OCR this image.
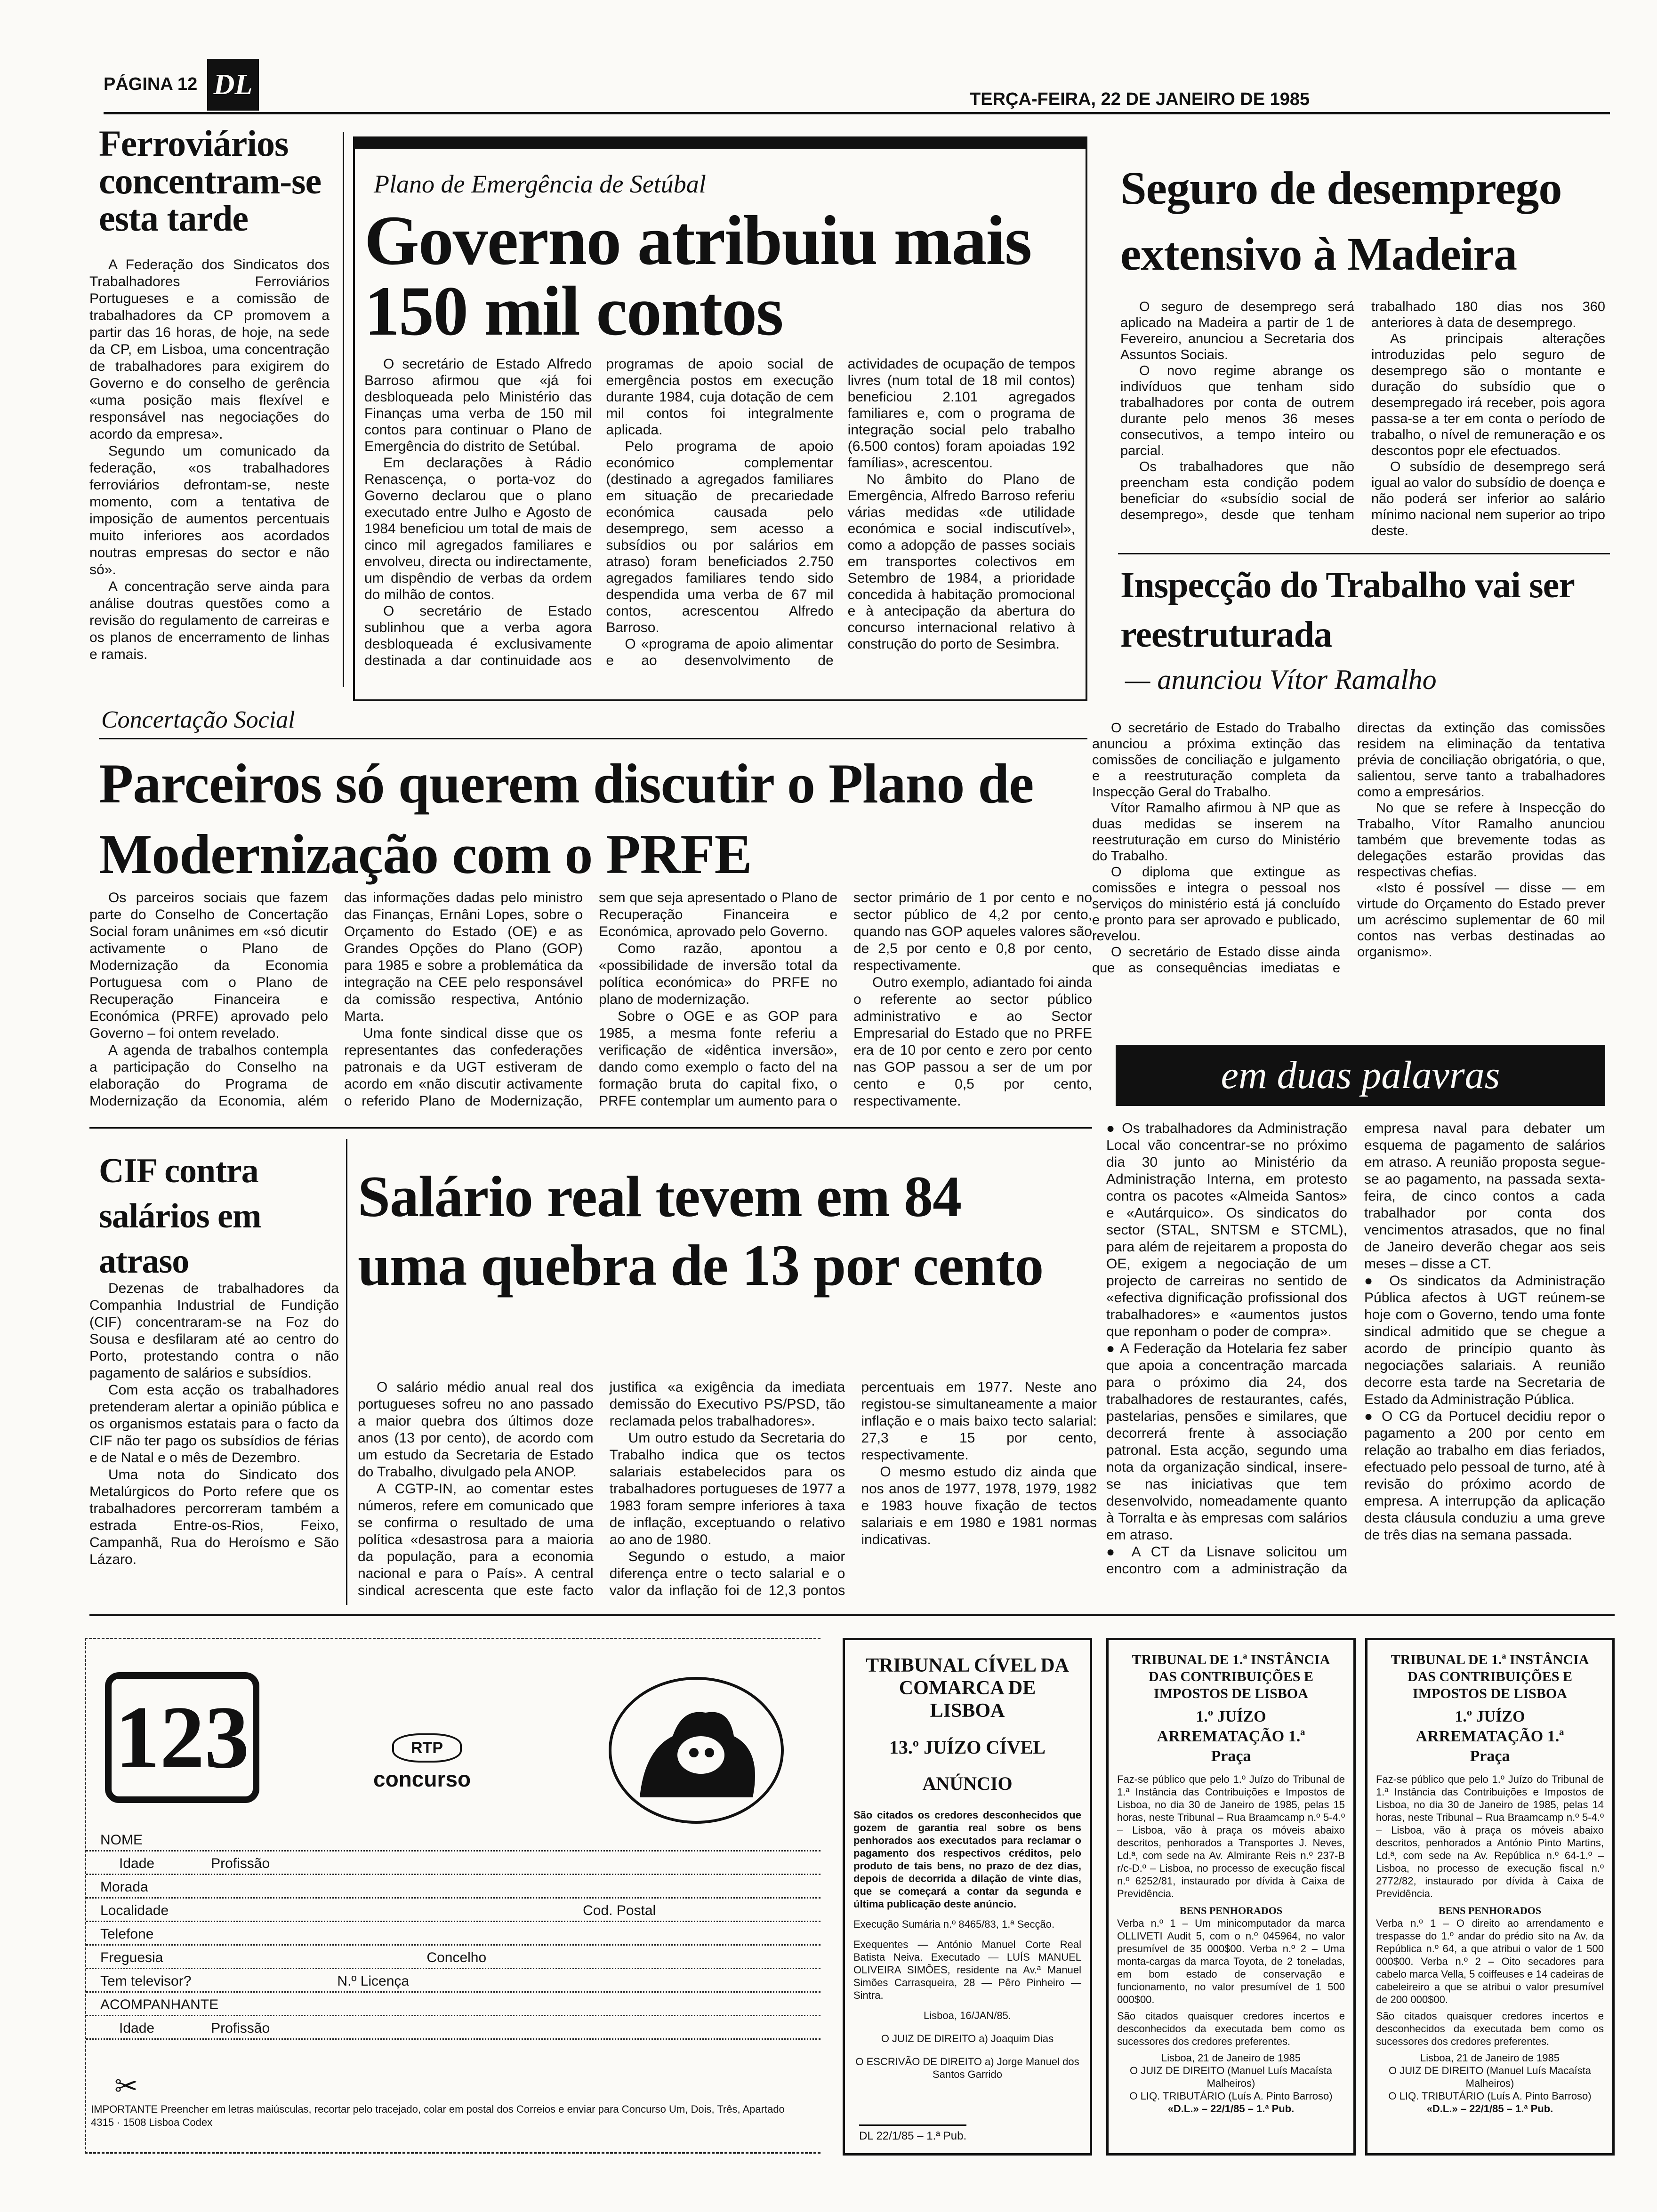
PÁGINA 12 DL	TERÇA-FEIRA, 22 DE JANEIRO DE 1985
Ferroviários concentram-se esta tarde

A Federação dos Sindicatos dos Trabalhadores Ferroviários Portugueses e a comissão de trabalhadores da CP promovem a partir das 16 horas, de hoje, na sede da CP, em Lisboa, uma concentração de trabalhadores para exigirem do Governo e do conselho de gerência «uma posição mais flexível e responsável nas negociações do acordo da empresa».

Segundo um comunicado da federação, «os trabalhadores ferroviários defrontam-se, neste momento, com a tentativa de imposição de aumentos percentuais muito inferiores aos acordados noutras empresas do sector e não só».

A concentração serve ainda para análise doutras questões como a revisão do regulamento de carreiras e os planos de encerramento de linhas e ramais.

Plano de Emergência de Setúbal
Governo atribuiu mais 150 mil contos

O secretário de Estado Alfredo Barroso afirmou que «já foi desbloqueada pelo Ministério das Finanças uma verba de 150 mil contos para continuar o Plano de Emergência do distrito de Setúbal.

Em declarações à Rádio Renascença, o porta-voz do Governo declarou que o plano executado entre Julho e Agosto de 1984 beneficiou um total de mais de cinco mil agregados familiares e envolveu, directa ou indirectamente, um dispêndio de verbas da ordem do milhão de contos.

O secretário de Estado sublinhou que a verba agora desbloqueada é exclusivamente destinada a dar continuidade aos programas de apoio social de emergência postos em execução durante 1984, cuja dotação de cem mil contos foi integralmente aplicada.

Pelo programa de apoio económico complementar (destinado a agregados familiares em situação de precariedade económica causada pelo desemprego, sem acesso a subsídios ou por salários em atraso) foram beneficiados 2.750 agregados familiares tendo sido despendida uma verba de 67 mil contos, acrescentou Alfredo Barroso.

O «programa de apoio alimentar e ao desenvolvimento de actividades de ocupação de tempos livres (num total de 18 mil contos) beneficiou 2.101 agregados familiares e, com o programa de integração social pelo trabalho (6.500 contos) foram apoiadas 192 famílias», acrescentou.

No âmbito do Plano de Emergência, Alfredo Barroso referiu várias medidas «de utilidade económica e social indiscutível», como a adopção de passes sociais em transportes colectivos em Setembro de 1984, a prioridade concedida à habitação promocional e à antecipação da abertura do concurso internacional relativo à construção do porto de Sesimbra.

Seguro de desemprego extensivo à Madeira

O seguro de desemprego será aplicado na Madeira a partir de 1 de Fevereiro, anunciou a Secretaria dos Assuntos Sociais.

O novo regime abrange os indivíduos que tenham sido trabalhadores por conta de outrem durante pelo menos 36 meses consecutivos, a tempo inteiro ou parcial.

Os trabalhadores que não preencham esta condição podem beneficiar do «subsídio social de desemprego», desde que tenham trabalhado 180 dias nos 360 anteriores à data de desemprego.

As principais alterações introduzidas pelo seguro de desemprego são o montante e duração do subsídio que o desempregado irá receber, pois agora passa-se a ter em conta o período de trabalho, o nível de remuneração e os descontos popr ele efectuados.

O subsídio de desemprego será igual ao valor do subsídio de doença e não poderá ser inferior ao salário mínimo nacional nem superior ao tripo deste.

Inspecção do Trabalho vai ser reestruturada
— anunciou Vítor Ramalho

O secretário de Estado do Trabalho anunciou a próxima extinção das comissões de conciliação e julgamento e a reestruturação completa da Inspecção Geral do Trabalho.

Vítor Ramalho afirmou à NP que as duas medidas se inserem na reestruturação em curso do Ministério do Trabalho.

O diploma que extingue as comissões e integra o pessoal nos serviços do ministério está já concluído e pronto para ser aprovado e publicado, revelou.

O secretário de Estado disse ainda que as consequências imediatas e directas da extinção das comissões residem na eliminação da tentativa prévia de conciliação obrigatória, o que, salientou, serve tanto a trabalhadores como a empresários.

No que se refere à Inspecção do Trabalho, Vítor Ramalho anunciou também que brevemente todas as delegações estarão providas das respectivas chefias.

«Isto é possível — disse — em virtude do Orçamento do Estado prever um acréscimo suplementar de 60 mil contos nas verbas destinadas ao organismo».

Concertação Social
Parceiros só querem discutir o Plano de Modernização com o PRFE

Os parceiros sociais que fazem parte do Conselho de Concertação Social foram unânimes em «só dicutir activamente o Plano de Modernização da Economia Portuguesa com o Plano de Recuperação Financeira e Económica (PRFE) aprovado pelo Governo – foi ontem revelado.

A agenda de trabalhos contempla a participação do Conselho na elaboração do Programa de Modernização da Economia, além das informações dadas pelo ministro das Finanças, Ernâni Lopes, sobre o Orçamento do Estado (OE) e as Grandes Opções do Plano (GOP) para 1985 e sobre a problemática da integração na CEE pelo responsável da comissão respectiva, António Marta.

Uma fonte sindical disse que os representantes das confederações patronais e da UGT estiveram de acordo em «não discutir activamente o referido Plano de Modernização, sem que seja apresentado o Plano de Recuperação Financeira e Económica, aprovado pelo Governo.

Como razão, apontou a «possibilidade de inversão total da política económica» do PRFE no plano de modernização.

Sobre o OGE e as GOP para 1985, a mesma fonte referiu a verificação de «idêntica inversão», dando como exemplo o facto del na formação bruta do capital fixo, o PRFE contemplar um aumento para o sector primário de 1 por cento e no sector público de 4,2 por cento, quando nas GOP aqueles valores são de 2,5 por cento e 0,8 por cento, respectivamente.

Outro exemplo, adiantado foi ainda o referente ao sector público administrativo e ao Sector Empresarial do Estado que no PRFE era de 10 por cento e zero por cento nas GOP passou a ser de um por cento e 0,5 por cento, respectivamente.

em duas palavras

● Os trabalhadores da Administração Local vão concentrar-se no próximo dia 30 junto ao Ministério da Administração Interna, em protesto contra os pacotes «Almeida Santos» e «Autárquico». Os sindicatos do sector (STAL, SNTSM e STCML), para além de rejeitarem a proposta do OE, exigem a negociação de um projecto de carreiras no sentido de «efectiva dignificação profissional dos trabalhadores» e «aumentos justos que reponham o poder de compra».

● A Federação da Hotelaria fez saber que apoia a concentração marcada para o próximo dia 24, dos trabalhadores de restaurantes, cafés, pastelarias, pensões e similares, que decorrerá frente à associação patronal. Esta acção, segundo uma nota da organização sindical, insere-se nas iniciativas que tem desenvolvido, nomeadamente quanto à Torralta e às empresas com salários em atraso.

● A CT da Lisnave solicitou um encontro com a administração da empresa naval para debater um esquema de pagamento de salários em atraso. A reunião proposta segue-se ao pagamento, na passada sexta-feira, de cinco contos a cada trabalhador por conta dos vencimentos atrasados, que no final de Janeiro deverão chegar aos seis meses – disse a CT.

● Os sindicatos da Administração Pública afectos à UGT reúnem-se hoje com o Governo, tendo uma fonte sindical admitido que se chegue a acordo de princípio quanto às negociações salariais. A reunião decorre esta tarde na Secretaria de Estado da Administração Pública.

● O CG da Portucel decidiu repor o pagamento a 200 por cento em relação ao trabalho em dias feriados, efectuado pelo pessoal de turno, até à revisão do próximo acordo de empresa. A interrupção da aplicação desta cláusula conduziu a uma greve de três dias na semana passada.

CIF contra salários em atraso

Dezenas de trabalhadores da Companhia Industrial de Fundição (CIF) concentraram-se na Foz do Sousa e desfilaram até ao centro do Porto, protestando contra o não pagamento de salários e subsídios.

Com esta acção os trabalhadores pretenderam alertar a opinião pública e os organismos estatais para o facto da CIF não ter pago os subsídios de férias e de Natal e o mês de Dezembro.

Uma nota do Sindicato dos Metalúrgicos do Porto refere que os trabalhadores percorreram também a estrada Entre-os-Rios, Feixo, Campanhã, Rua do Heroísmo e São Lázaro.

Salário real tevem em 84 uma quebra de 13 por cento

O salário médio anual real dos portugueses sofreu no ano passado a maior quebra dos últimos doze anos (13 por cento), de acordo com um estudo da Secretaria de Estado do Trabalho, divulgado pela ANOP.

A CGTP-IN, ao comentar estes números, refere em comunicado que se confirma o resultado de uma política «desastrosa para a maioria da população, para a economia nacional e para o País». A central sindical acrescenta que este facto justifica «a exigência da imediata demissão do Executivo PS/PSD, tão reclamada pelos trabalhadores».

Um outro estudo da Secretaria do Trabalho indica que os tectos salariais estabelecidos para os trabalhadores portugueses de 1977 a 1983 foram sempre inferiores à taxa de inflação, exceptuando o relativo ao ano de 1980.

Segundo o estudo, a maior diferença entre o tecto salarial e o valor da inflação foi de 12,3 pontos percentuais em 1977. Neste ano registou-se simultaneamente a maior inflação e o mais baixo tecto salarial: 27,3 e 15 por cento, respectivamente.

O mesmo estudo diz ainda que nos anos de 1977, 1978, 1979, 1982 e 1983 houve fixação de tectos salariais e em 1980 e 1981 normas indicativas.

123	RTP
concurso
NOME
Idade	Profissão
Morada
Localidade	Cod. Postal
Telefone
Freguesia	Concelho
Tem televisor?	N.º Licença
ACOMPANHANTE
Idade	Profissão
✂
IMPORTANTE Preencher em letras maiúsculas, recortar pelo tracejado, colar em postal dos Correios e enviar para Concurso Um, Dois, Três, Apartado 4315 · 1508 Lisboa Codex
TRIBUNAL CÍVEL DA COMARCA DE LISBOA
13.º JUÍZO CÍVEL
ANÚNCIO
São citados os credores desconhecidos que gozem de garantia real sobre os bens penhorados aos executados para reclamar o pagamento dos respectivos créditos, pelo produto de tais bens, no prazo de dez dias, depois de decorrida a dilação de vinte dias, que se começará a contar da segunda e última publicação deste anúncio.
Execução Sumária n.º 8465/83, 1.ª Secção.
Exequentes — António Manuel Corte Real Batista Neiva. Executado — LUÍS MANUEL OLIVEIRA SIMÕES, residente na Av.ª Manuel Simões Carrasqueira, 28 — Pêro Pinheiro — Sintra.
Lisboa, 16/JAN/85.
O JUIZ DE DIREITO a) Joaquim Dias
O ESCRIVÃO DE DIREITO a) Jorge Manuel dos Santos Garrido
DL 22/1/85 – 1.ª Pub.
TRIBUNAL DE 1.ª INSTÂNCIA DAS CONTRIBUIÇÕES E IMPOSTOS DE LISBOA
1.º JUÍZO ARREMATAÇÃO 1.ª Praça
Faz-se público que pelo 1.º Juízo do Tribunal de 1.ª Instância das Contribuições e Impostos de Lisboa, no dia 30 de Janeiro de 1985, pelas 15 horas, neste Tribunal – Rua Braamcamp n.º 5-4.º – Lisboa, vão à praça os móveis abaixo descritos, penhorados a Transportes J. Neves, Ld.ª, com sede na Av. Almirante Reis n.º 237-B r/c-D.º – Lisboa, no processo de execução fiscal n.º 6252/81, instaurado por dívida à Caixa de Previdência.
BENS PENHORADOS
Verba n.º 1 – Um minicomputador da marca OLLIVETI Audit 5, com o n.º 045964, no valor presumível de 35 000$00. Verba n.º 2 – Uma monta-cargas da marca Toyota, de 2 toneladas, em bom estado de conservação e funcionamento, no valor presumível de 1 500 000$00.
São citados quaisquer credores incertos e desconhecidos da executada bem como os sucessores dos credores preferentes.
Lisboa, 21 de Janeiro de 1985
O JUIZ DE DIREITO (Manuel Luís Macaísta Malheiros)
O LIQ. TRIBUTÁRIO (Luís A. Pinto Barroso)
«D.L.» – 22/1/85 – 1.ª Pub.
TRIBUNAL DE 1.ª INSTÂNCIA DAS CONTRIBUIÇÕES E IMPOSTOS DE LISBOA
1.º JUÍZO ARREMATAÇÃO 1.ª Praça
Faz-se público que pelo 1.º Juízo do Tribunal de 1.ª Instância das Contribuições e Impostos de Lisboa, no dia 30 de Janeiro de 1985, pelas 14 horas, neste Tribunal – Rua Braamcamp n.º 5-4.º – Lisboa, vão à praça os móveis abaixo descritos, penhorados a António Pinto Martins, Ld.ª, com sede na Av. República n.º 64-1.º – Lisboa, no processo de execução fiscal n.º 2772/82, instaurado por dívida à Caixa de Previdência.
BENS PENHORADOS
Verba n.º 1 – O direito ao arrendamento e trespasse do 1.º andar do prédio sito na Av. da República n.º 64, a que atribui o valor de 1 500 000$00. Verba n.º 2 – Oito secadores para cabelo marca Vella, 5 coiffeuses e 14 cadeiras de cabeleireiro a que se atribui o valor presumível de 200 000$00.
São citados quaisquer credores incertos e desconhecidos da executada bem como os sucessores dos credores preferentes.
Lisboa, 21 de Janeiro de 1985
O JUIZ DE DIREITO (Manuel Luís Macaísta Malheiros)
O LIQ. TRIBUTÁRIO (Luís A. Pinto Barroso)
«D.L.» – 22/1/85 – 1.ª Pub.
